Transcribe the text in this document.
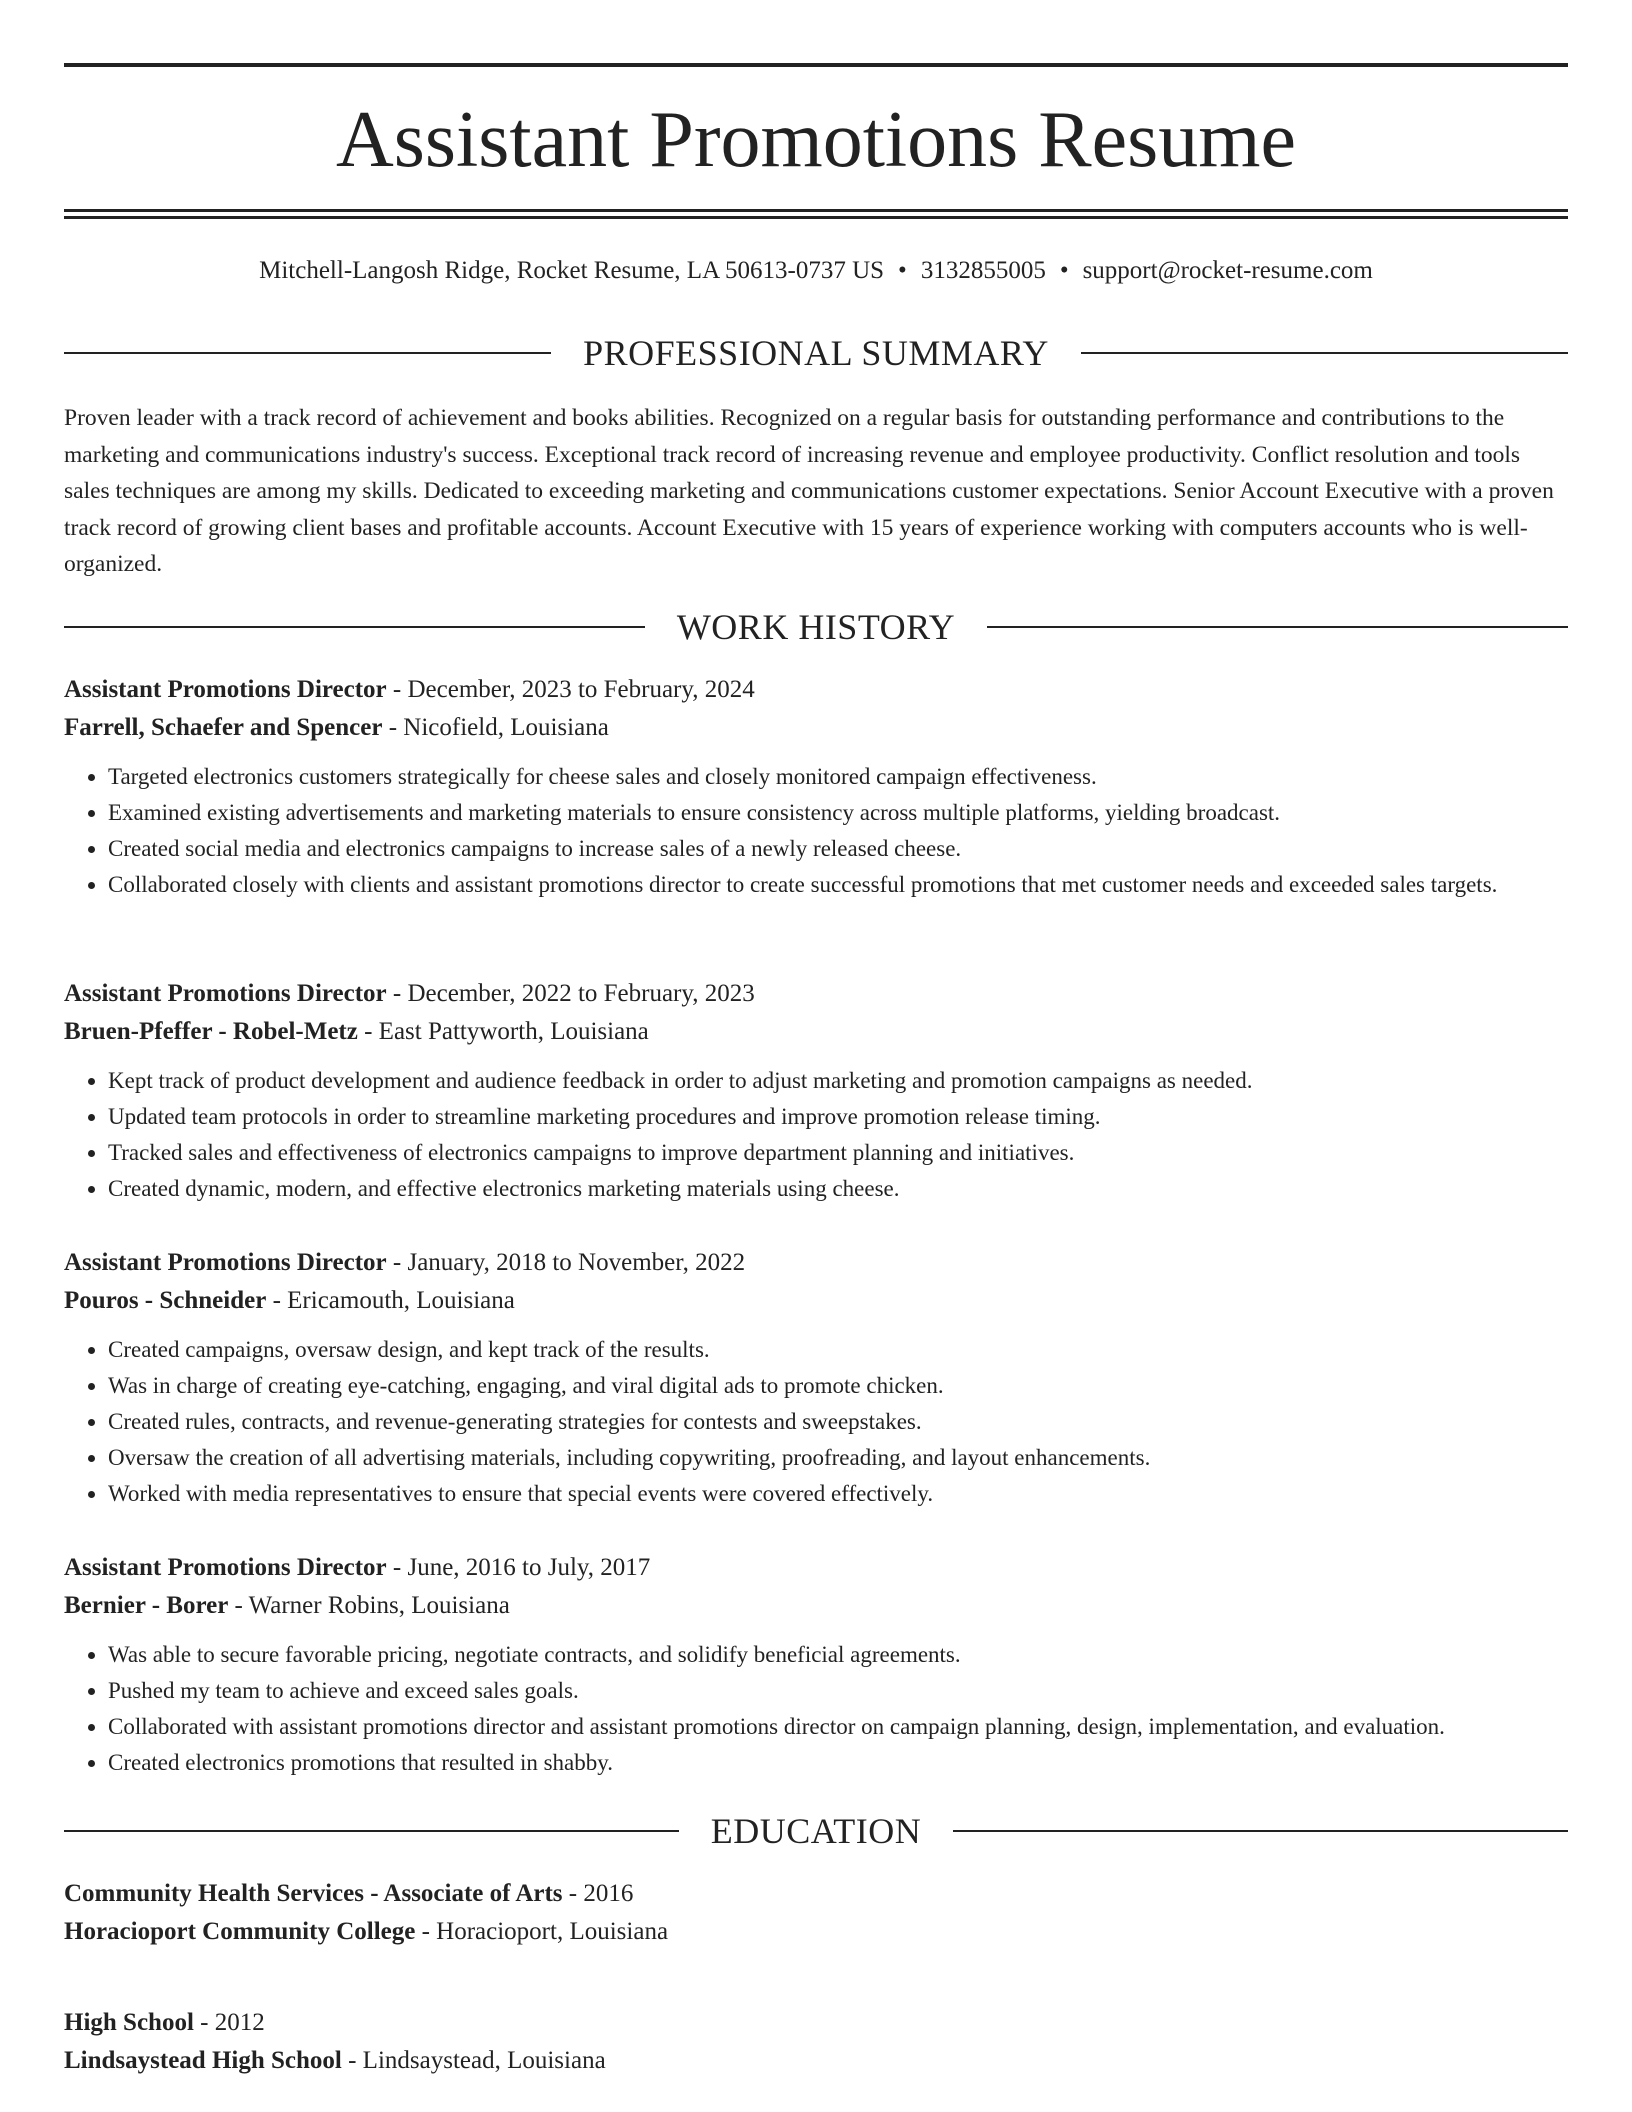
Assistant Promotions Resume
Mitchell-Langosh Ridge, Rocket Resume, LA 50613-0737 US • 3132855005 • support@rocket-resume.com
PROFESSIONAL SUMMARY

Proven leader with a track record of achievement and books abilities. Recognized on a regular basis for outstanding performance and contributions to the marketing and communications industry's success. Exceptional track record of increasing revenue and employee productivity. Conflict resolution and tools sales techniques are among my skills. Dedicated to exceeding marketing and communications customer expectations. Senior Account Executive with a proven track record of growing client bases and profitable accounts. Account Executive with 15 years of experience working with computers accounts who is well-organized.

WORK HISTORY
Assistant Promotions Director - December, 2023 to February, 2024
Farrell, Schaefer and Spencer - Nicofield, Louisiana
• Targeted electronics customers strategically for cheese sales and closely monitored campaign effectiveness.
• Examined existing advertisements and marketing materials to ensure consistency across multiple platforms, yielding broadcast.
• Created social media and electronics campaigns to increase sales of a newly released cheese.
• Collaborated closely with clients and assistant promotions director to create successful promotions that met customer needs and exceeded sales targets.
Assistant Promotions Director - December, 2022 to February, 2023
Bruen-Pfeffer - Robel-Metz - East Pattyworth, Louisiana
• Kept track of product development and audience feedback in order to adjust marketing and promotion campaigns as needed.
• Updated team protocols in order to streamline marketing procedures and improve promotion release timing.
• Tracked sales and effectiveness of electronics campaigns to improve department planning and initiatives.
• Created dynamic, modern, and effective electronics marketing materials using cheese.
Assistant Promotions Director - January, 2018 to November, 2022
Pouros - Schneider - Ericamouth, Louisiana
• Created campaigns, oversaw design, and kept track of the results.
• Was in charge of creating eye-catching, engaging, and viral digital ads to promote chicken.
• Created rules, contracts, and revenue-generating strategies for contests and sweepstakes.
• Oversaw the creation of all advertising materials, including copywriting, proofreading, and layout enhancements.
• Worked with media representatives to ensure that special events were covered effectively.
Assistant Promotions Director - June, 2016 to July, 2017
Bernier - Borer - Warner Robins, Louisiana
• Was able to secure favorable pricing, negotiate contracts, and solidify beneficial agreements.
• Pushed my team to achieve and exceed sales goals.
• Collaborated with assistant promotions director and assistant promotions director on campaign planning, design, implementation, and evaluation.
• Created electronics promotions that resulted in shabby.
EDUCATION
Community Health Services - Associate of Arts - 2016
Horacioport Community College - Horacioport, Louisiana
High School - 2012
Lindsaystead High School - Lindsaystead, Louisiana
